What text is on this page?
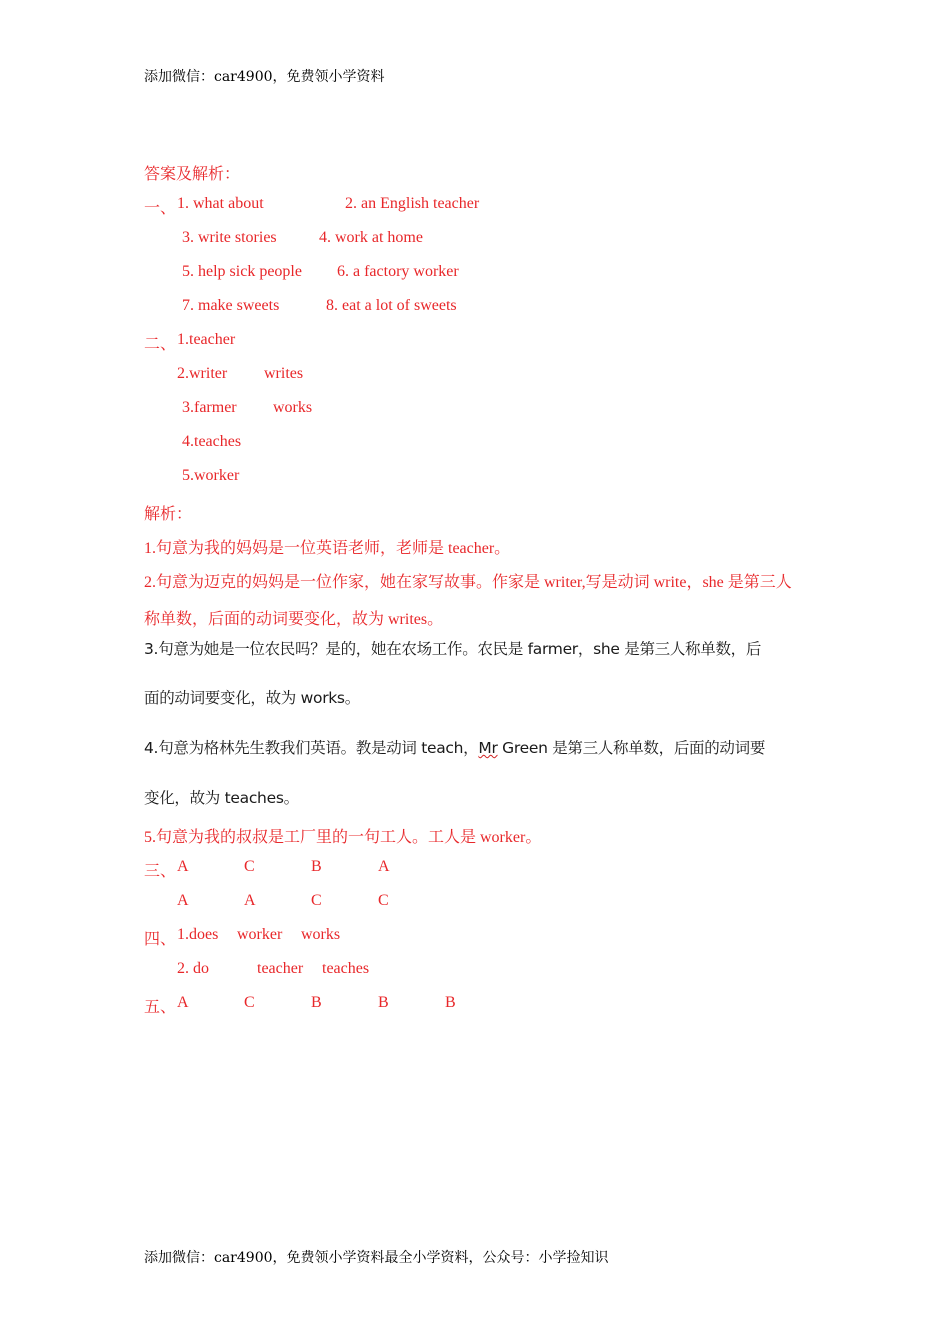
添加微信：car4900，免费领小学资料
答案及解析：
一、 1. what about	2. an English teacher
3. write stories	4. work at home
5. help sick people 6. a factory worker
7. make sweets	8. eat a lot of sweets
二、 1.teacher
2.writer writes
3.farmer works
4.teaches
5.worker
解析：
1.句意为我的妈妈是一位英语老师，老师是 teacher。
2.句意为迈克的妈妈是一位作家，她在家写故事。作家是 writer,写是动词 write，she 是第三人
称单数，后面的动词要变化，故为 writes。
3.句意为她是一位农民吗？是的，她在农场工作。农民是 farmer，she 是第三人称单数，后
面的动词要变化，故为 works。
4.句意为格林先生教我们英语。教是动词 teach，Mr Green 是第三人称单数，后面的动词要
变化，故为 teaches。
5.句意为我的叔叔是工厂里的一句工人。工人是 worker。
三、 A	C	B	A
A	A	C	C
四、 1.does worker works
2. do	teacher teaches
五、 A	C	B	B	B
添加微信：car4900，免费领小学资料最全小学资料，公众号：小学捡知识
